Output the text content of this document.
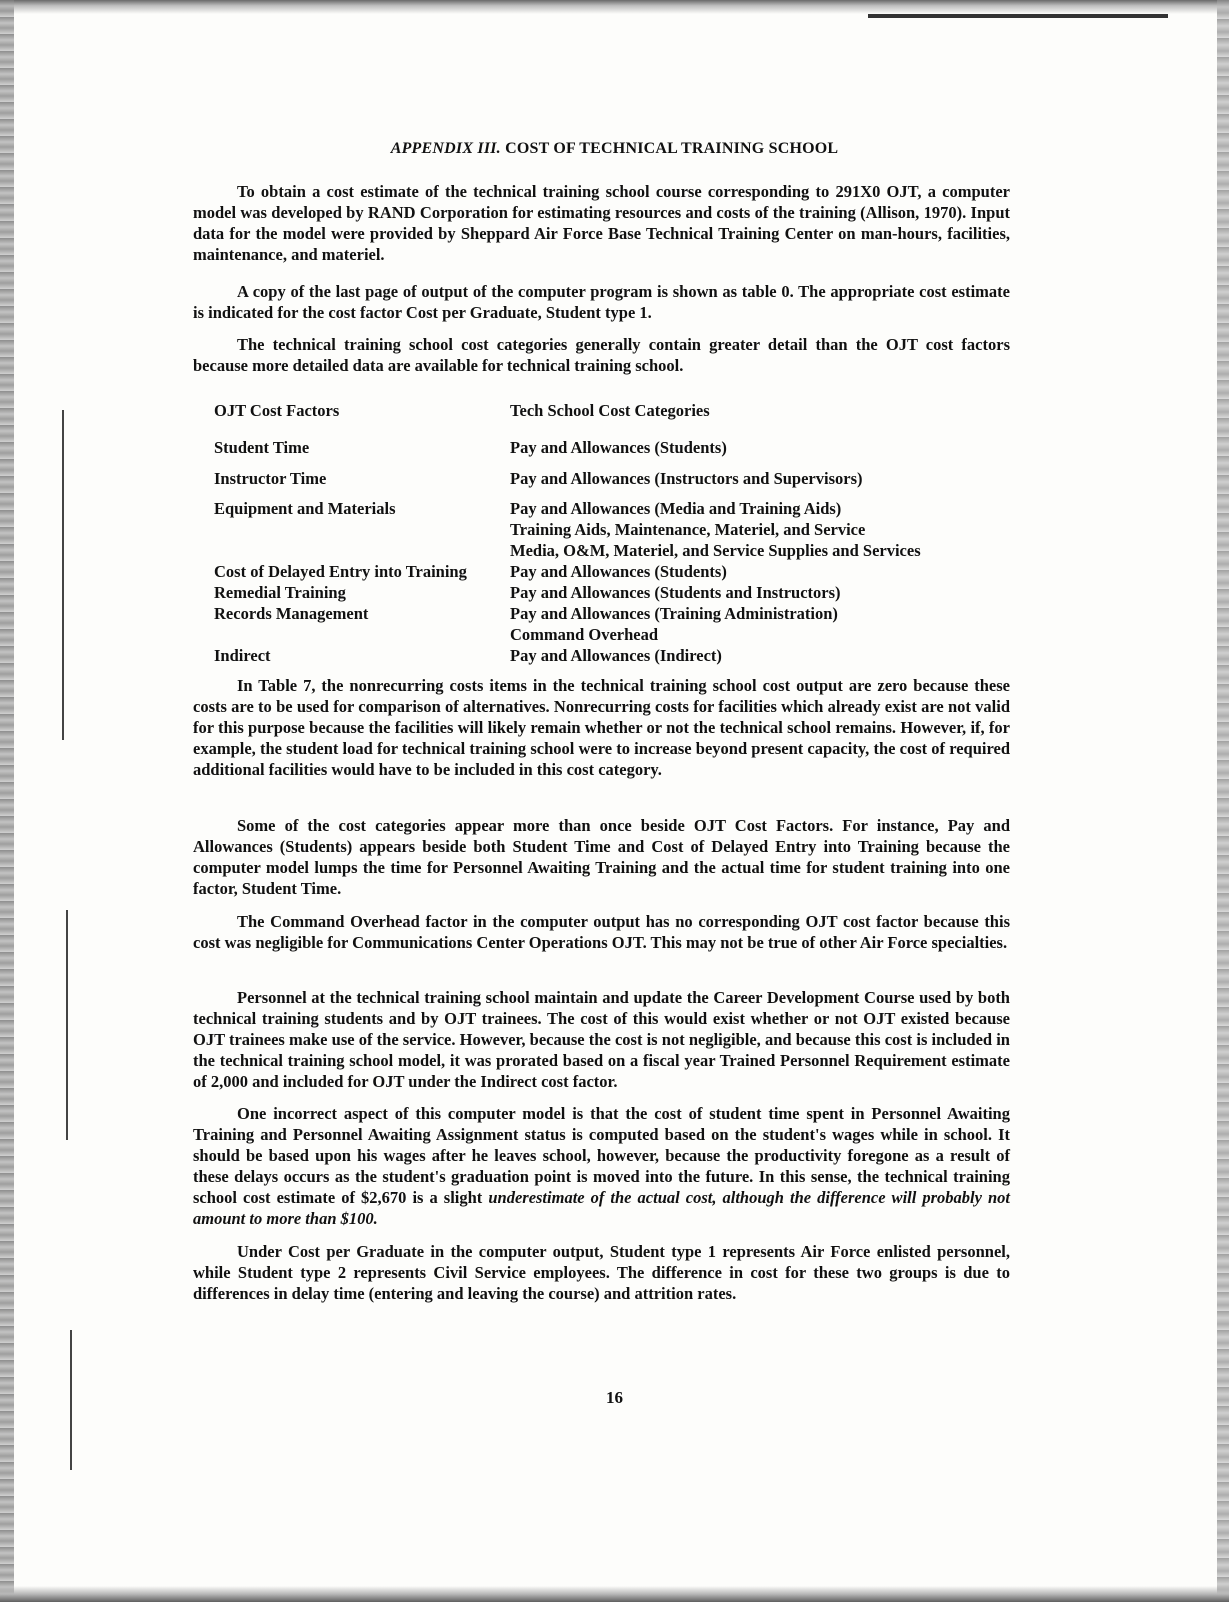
APPENDIX III. COST OF TECHNICAL TRAINING SCHOOL

To obtain a cost estimate of the technical training school course corresponding to 291X0 OJT, a computer model was developed by RAND Corporation for estimating resources and costs of the training (Allison, 1970). Input data for the model were provided by Sheppard Air Force Base Technical Training Center on man-hours, facilities, maintenance, and materiel.

A copy of the last page of output of the computer program is shown as table 0. The appropriate cost estimate is indicated for the cost factor Cost per Graduate, Student type 1.

The technical training school cost categories generally contain greater detail than the OJT cost factors because more detailed data are available for technical training school.

OJT Cost Factors	Tech School Cost Categories
Student Time	Pay and Allowances (Students)
Instructor Time	Pay and Allowances (Instructors and Supervisors)
Equipment and Materials	Pay and Allowances (Media and Training Aids)
Training Aids, Maintenance, Materiel, and Service
Media, O&M, Materiel, and Service Supplies and Services
Cost of Delayed Entry into Training	Pay and Allowances (Students)
Remedial Training	Pay and Allowances (Students and Instructors)
Records Management	Pay and Allowances (Training Administration)
Command Overhead
Indirect	Pay and Allowances (Indirect)

In Table 7, the nonrecurring costs items in the technical training school cost output are zero because these costs are to be used for comparison of alternatives. Nonrecurring costs for facilities which already exist are not valid for this purpose because the facilities will likely remain whether or not the technical school remains. However, if, for example, the student load for technical training school were to increase beyond present capacity, the cost of required additional facilities would have to be included in this cost category.

Some of the cost categories appear more than once beside OJT Cost Factors. For instance, Pay and Allowances (Students) appears beside both Student Time and Cost of Delayed Entry into Training because the computer model lumps the time for Personnel Awaiting Training and the actual time for student training into one factor, Student Time.

The Command Overhead factor in the computer output has no corresponding OJT cost factor because this cost was negligible for Communications Center Operations OJT. This may not be true of other Air Force specialties.

Personnel at the technical training school maintain and update the Career Development Course used by both technical training students and by OJT trainees. The cost of this would exist whether or not OJT existed because OJT trainees make use of the service. However, because the cost is not negligible, and because this cost is included in the technical training school model, it was prorated based on a fiscal year Trained Personnel Requirement estimate of 2,000 and included for OJT under the Indirect cost factor.

One incorrect aspect of this computer model is that the cost of student time spent in Personnel Awaiting Training and Personnel Awaiting Assignment status is computed based on the student's wages while in school. It should be based upon his wages after he leaves school, however, because the productivity foregone as a result of these delays occurs as the student's graduation point is moved into the future. In this sense, the technical training school cost estimate of $2,670 is a slight underestimate of the actual cost, although the difference will probably not amount to more than $100.

Under Cost per Graduate in the computer output, Student type 1 represents Air Force enlisted personnel, while Student type 2 represents Civil Service employees. The difference in cost for these two groups is due to differences in delay time (entering and leaving the course) and attrition rates.

16
